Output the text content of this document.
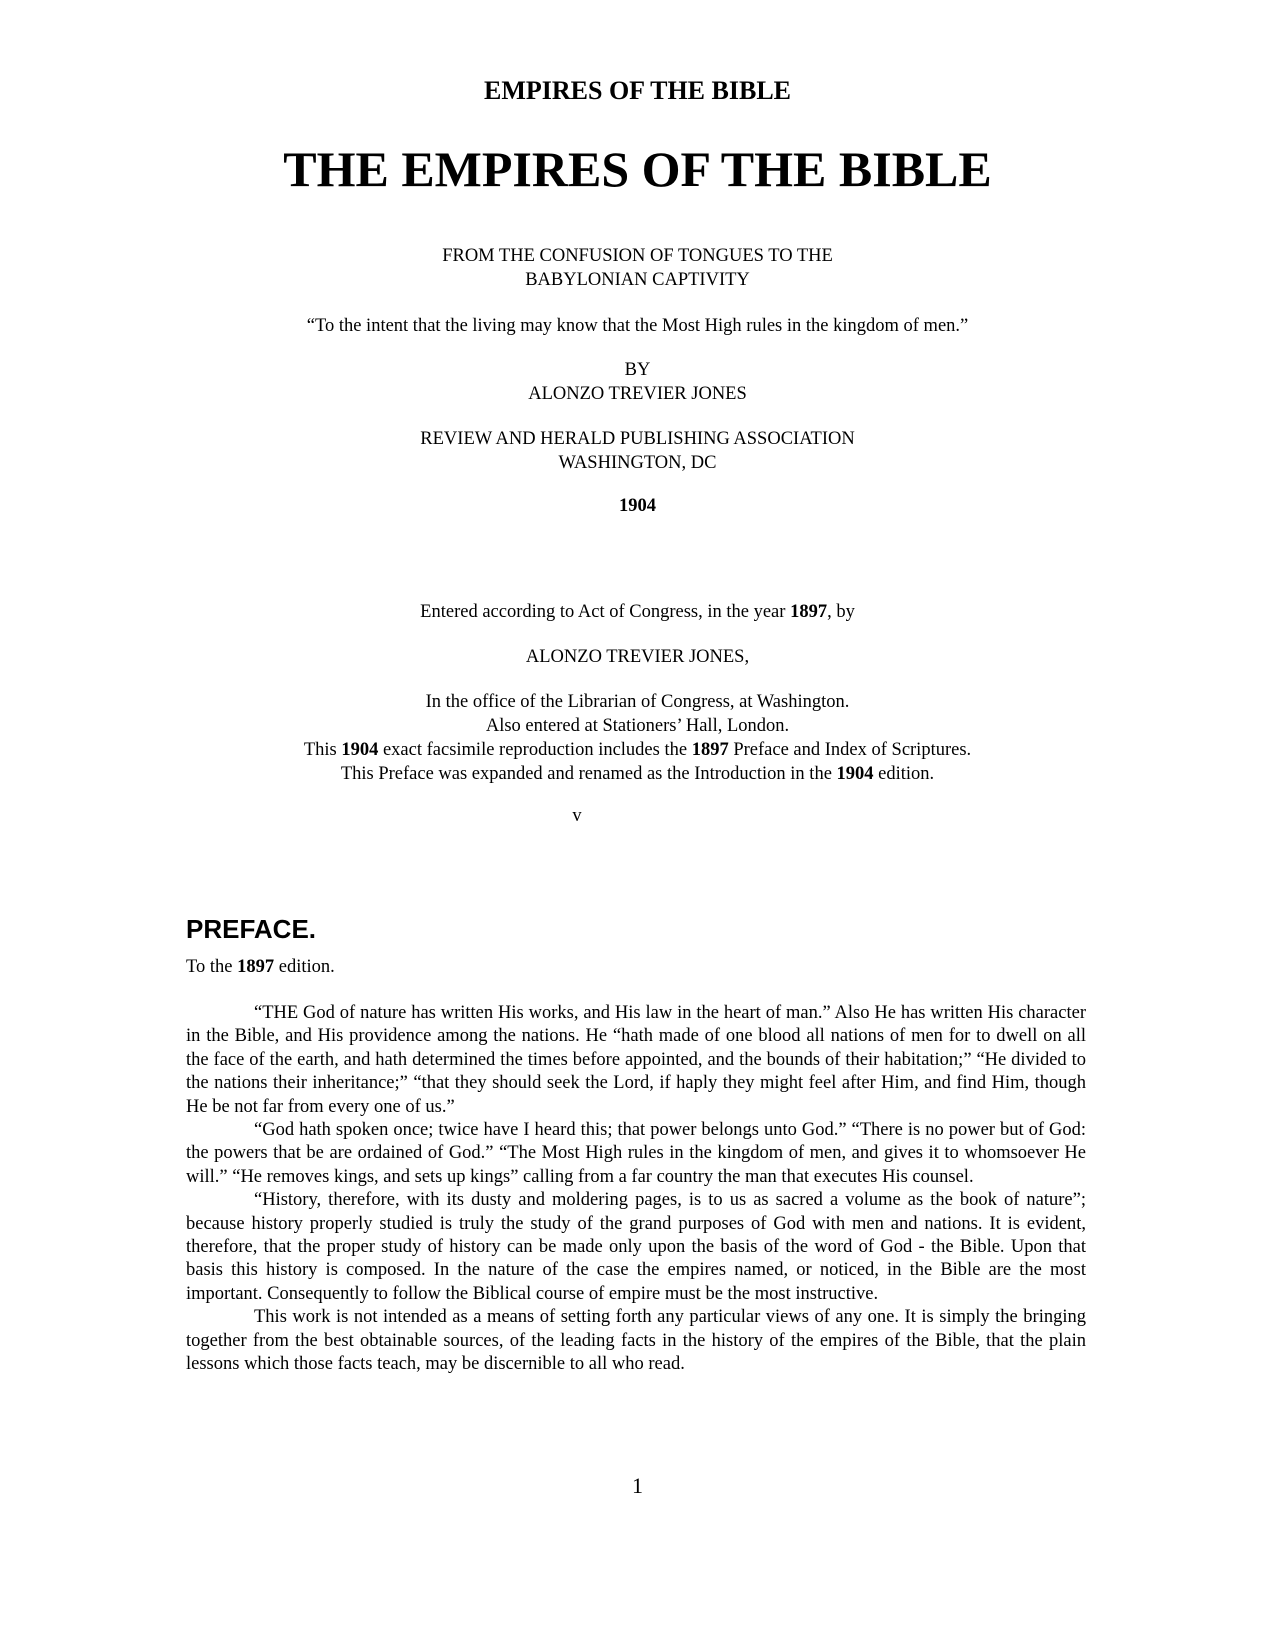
EMPIRES OF THE BIBLE
THE EMPIRES OF THE BIBLE
FROM THE CONFUSION OF TONGUES TO THE
BABYLONIAN CAPTIVITY
“To the intent that the living may know that the Most High rules in the kingdom of men.”
BY
ALONZO TREVIER JONES
REVIEW AND HERALD PUBLISHING ASSOCIATION
WASHINGTON, DC
1904
Entered according to Act of Congress, in the year 1897, by
ALONZO TREVIER JONES,
In the office of the Librarian of Congress, at Washington.
Also entered at Stationers’ Hall, London.
This 1904 exact facsimile reproduction includes the 1897 Preface and Index of Scriptures.
This Preface was expanded and renamed as the Introduction in the 1904 edition.
v
PREFACE.
To the 1897 edition.

“THE God of nature has written His works, and His law in the heart of man.” Also He has written His character in the Bible, and His providence among the nations. He “hath made of one blood all nations of men for to dwell on all the face of the earth, and hath determined the times before appointed, and the bounds of their habitation;” “He divided to the nations their inheritance;” “that they should seek the Lord, if haply they might feel after Him, and find Him, though He be not far from every one of us.”

“God hath spoken once; twice have I heard this; that power belongs unto God.” “There is no power but of God: the powers that be are ordained of God.” “The Most High rules in the kingdom of men, and gives it to whomsoever He will.” “He removes kings, and sets up kings” calling from a far country the man that executes His counsel.

“History, therefore, with its dusty and moldering pages, is to us as sacred a volume as the book of nature”; because history properly studied is truly the study of the grand purposes of God with men and nations. It is evident, therefore, that the proper study of history can be made only upon the basis of the word of God - the Bible. Upon that basis this history is composed. In the nature of the case the empires named, or noticed, in the Bible are the most important. Consequently to follow the Biblical course of empire must be the most instructive.

This work is not intended as a means of setting forth any particular views of any one. It is simply the bringing together from the best obtainable sources, of the leading facts in the history of the empires of the Bible, that the plain lessons which those facts teach, may be discernible to all who read.

1
